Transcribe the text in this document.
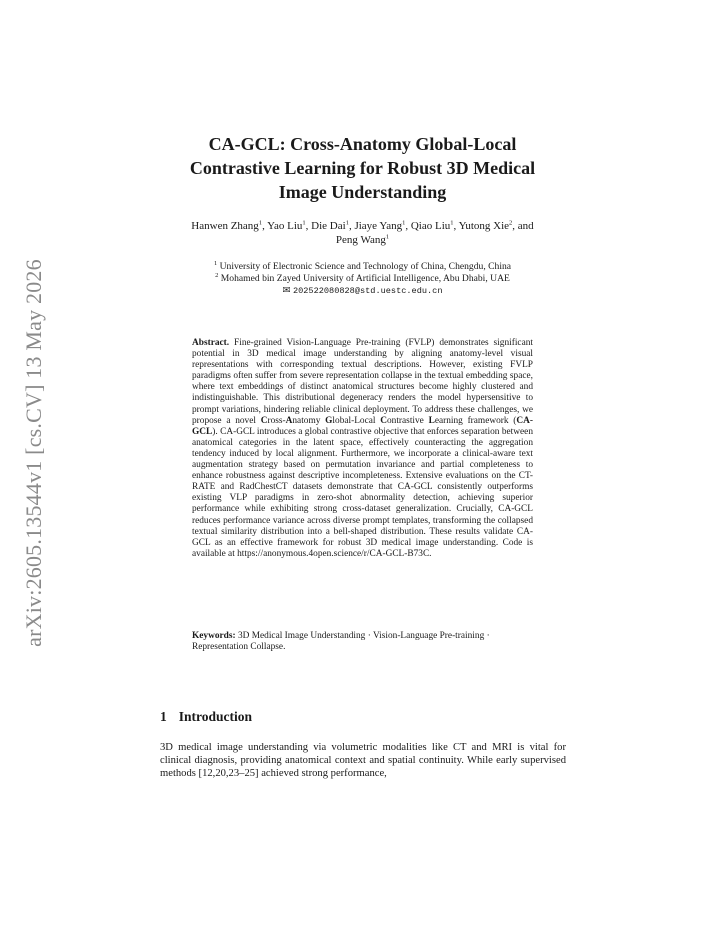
arXiv:2605.13544v1 [cs.CV] 13 May 2026
CA-GCL: Cross-Anatomy Global-Local
Contrastive Learning for Robust 3D Medical
Image Understanding
Hanwen Zhang$^1$, Yao Liu$^1$, Die Dai$^1$, Jiaye Yang$^1$, Qiao Liu$^1$, Yutong Xie$^2$, and
Peng Wang$^1$
$^1$ University of Electronic Science and Technology of China, Chengdu, China
$^2$ Mohamed bin Zayed University of Artificial Intelligence, Abu Dhabi, UAE
✉ 202522080828@std.uestc.edu.cn
Abstract. Fine-grained Vision-Language Pre-training (FVLP) demonstrates significant potential in 3D medical image understanding by aligning anatomy-level visual representations with corresponding textual descriptions. However, existing FVLP paradigms often suffer from severe representation collapse in the textual embedding space, where text embeddings of distinct anatomical structures become highly clustered and indistinguishable. This distributional degeneracy renders the model hypersensitive to prompt variations, hindering reliable clinical deployment. To address these challenges, we propose a novel Cross-Anatomy Global-Local Contrastive Learning framework (CA-GCL). CA-GCL introduces a global contrastive objective that enforces separation between anatomical categories in the latent space, effectively counteracting the aggregation tendency induced by local alignment. Furthermore, we incorporate a clinical-aware text augmentation strategy based on permutation invariance and partial completeness to enhance robustness against descriptive incompleteness. Extensive evaluations on the CT-RATE and RadChestCT datasets demonstrate that CA-GCL consistently outperforms existing VLP paradigms in zero-shot abnormality detection, achieving superior performance while exhibiting strong cross-dataset generalization. Crucially, CA-GCL reduces performance variance across diverse prompt templates, transforming the collapsed textual similarity distribution into a bell-shaped distribution. These results validate CA-GCL as an effective framework for robust 3D medical image understanding. Code is available at https://anonymous.4open.science/r/CA-GCL-B73C.
Keywords: 3D Medical Image Understanding · Vision-Language Pre-training · Representation Collapse.
1 Introduction
3D medical image understanding via volumetric modalities like CT and MRI is vital for clinical diagnosis, providing anatomical context and spatial continuity. While early supervised methods [12,20,23–25] achieved strong performance,
